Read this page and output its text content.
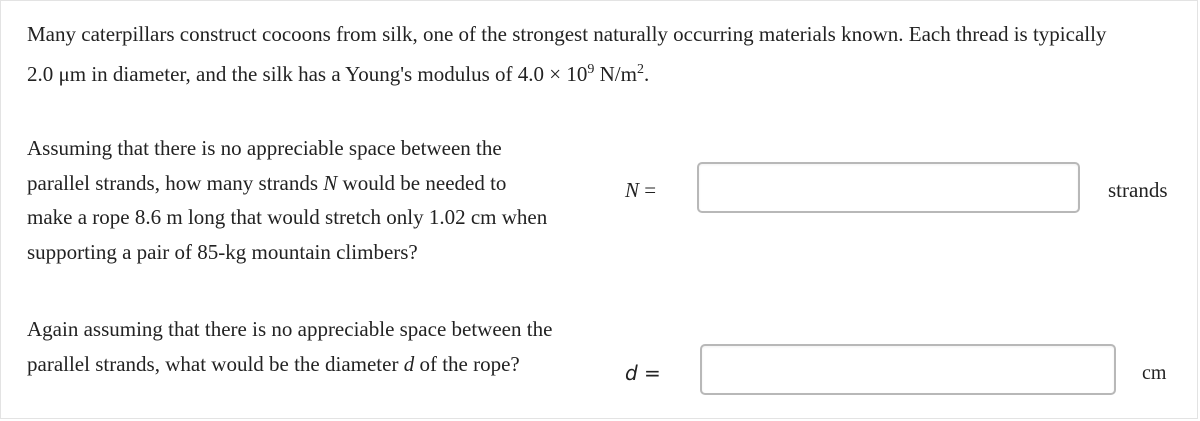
Many caterpillars construct cocoons from silk, one of the strongest naturally occurring materials known. Each thread is typically
2.0 μm in diameter, and the silk has a Young's modulus of $4.0 \times 10^9$ $N/m^2$.

Assuming that there is no appreciable space between the
parallel strands, how many strands N would be needed to
make a rope 8.6 m long that would stretch only 1.02 cm when
supporting a pair of 85-kg mountain climbers?

N =	strands

Again assuming that there is no appreciable space between the
parallel strands, what would be the diameter d of the rope?	d =	cm
